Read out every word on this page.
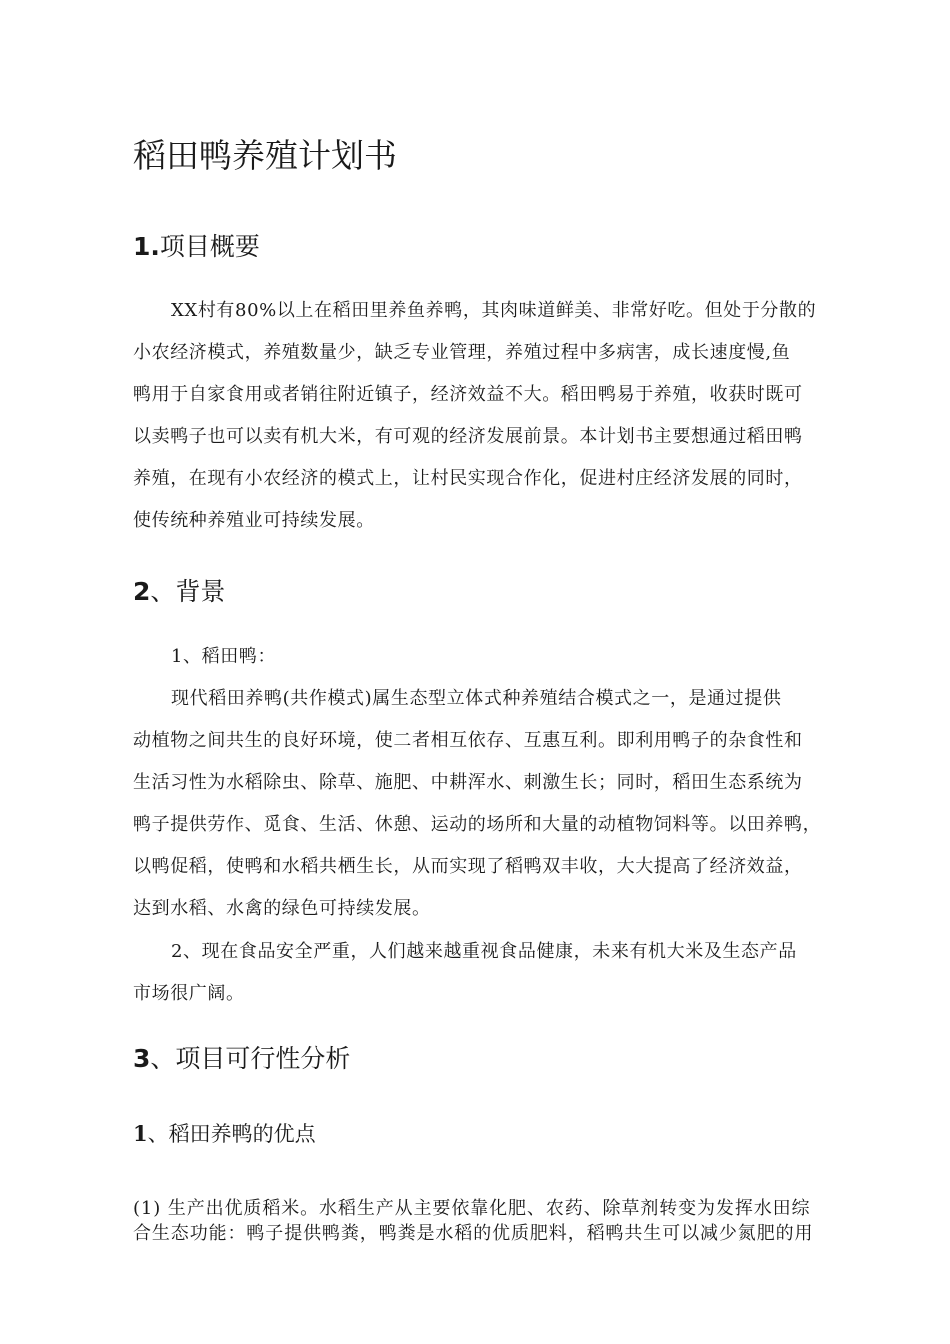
稻田鸭养殖计划书
1.项目概要
XX村有80%以上在稻田里养鱼养鸭，其肉味道鲜美、非常好吃。但处于分散的
小农经济模式，养殖数量少，缺乏专业管理，养殖过程中多病害，成长速度慢,鱼
鸭用于自家食用或者销往附近镇子，经济效益不大。稻田鸭易于养殖，收获时既可
以卖鸭子也可以卖有机大米，有可观的经济发展前景。本计划书主要想通过稻田鸭
养殖，在现有小农经济的模式上，让村民实现合作化，促进村庄经济发展的同时，
使传统种养殖业可持续发展。
2、背景
1、稻田鸭：
现代稻田养鸭(共作模式)属生态型立体式种养殖结合模式之一，是通过提供
动植物之间共生的良好环境，使二者相互依存、互惠互利。即利用鸭子的杂食性和
生活习性为水稻除虫、除草、施肥、中耕浑水、刺激生长；同时，稻田生态系统为
鸭子提供劳作、觅食、生活、休憩、运动的场所和大量的动植物饲料等。以田养鸭，
以鸭促稻，使鸭和水稻共栖生长，从而实现了稻鸭双丰收，大大提高了经济效益，
达到水稻、水禽的绿色可持续发展。
2、现在食品安全严重，人们越来越重视食品健康，未来有机大米及生态产品
市场很广阔。
3、项目可行性分析
1、稻田养鸭的优点
(1) 生产出优质稻米。水稻生产从主要依靠化肥、农药、除草剂转变为发挥水田综
合生态功能：鸭子提供鸭粪，鸭粪是水稻的优质肥料，稻鸭共生可以减少氮肥的用
